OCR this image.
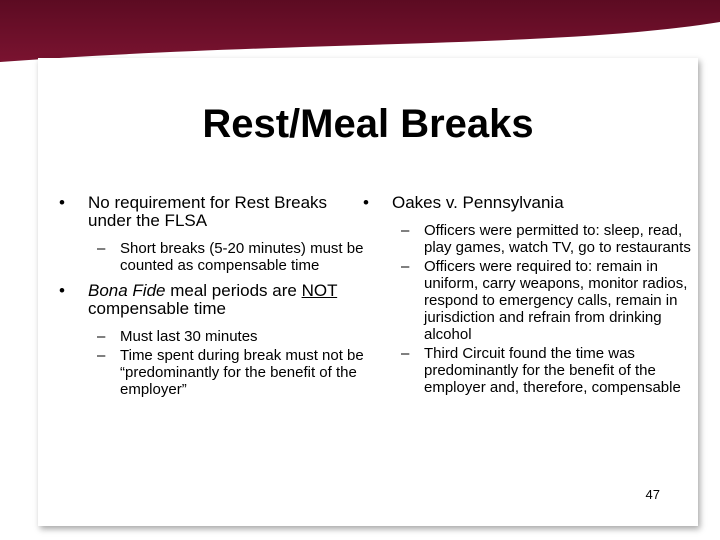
Rest/Meal Breaks
• No requirement for Rest Breaks under the FLSA
– Short breaks (5-20 minutes) must be counted as compensable time
• Bona Fide meal periods are NOT compensable time
– Must last 30 minutes
– Time spent during break must not be “predominantly for the benefit of the employer”
• Oakes v. Pennsylvania
– Officers were permitted to: sleep, read, play games, watch TV, go to restaurants
– Officers were required to: remain in uniform, carry weapons, monitor radios, respond to emergency calls, remain in jurisdiction and refrain from drinking alcohol
– Third Circuit found the time was predominantly for the benefit of the employer and, therefore, compensable
47
